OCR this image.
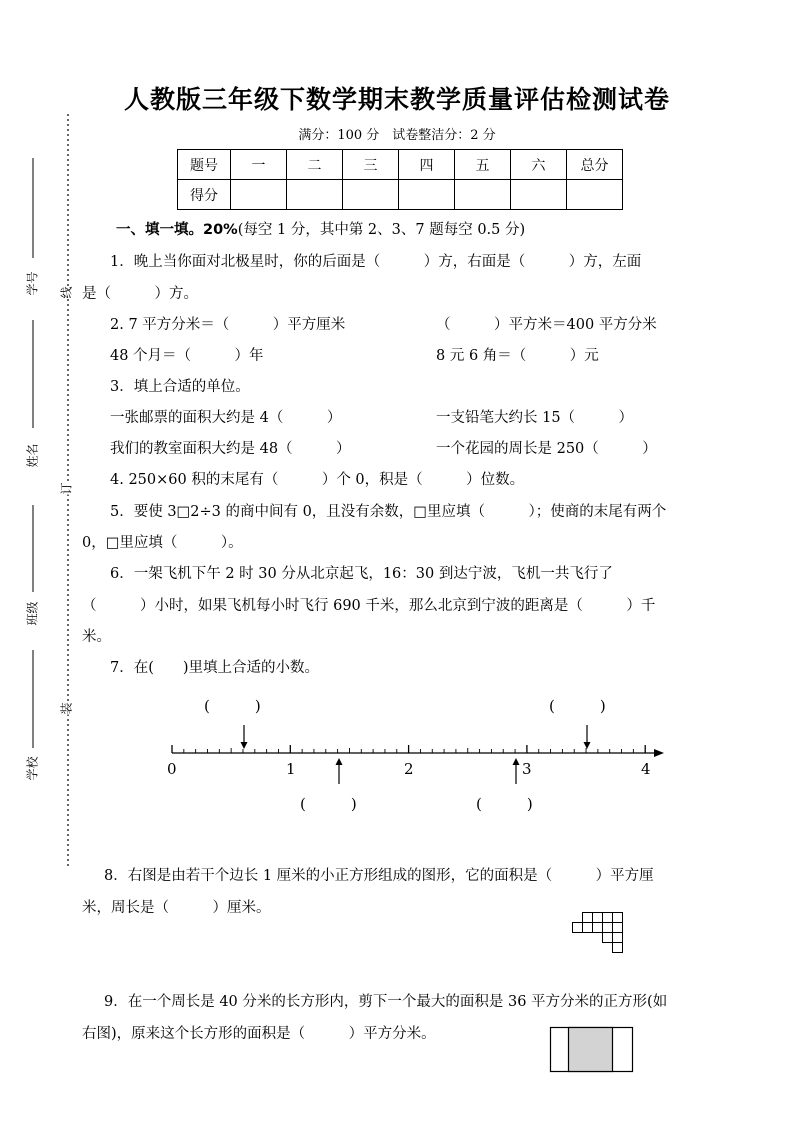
人教版三年级下数学期末教学质量评估检测试卷
满分：100 分　试卷整洁分：2 分
题号	一	二	三	四	五	六	总分
得分							
学号
姓名
班级
学校
线
订
装
一、填一填。20%(每空 1 分，其中第 2、3、7 题每空 0.5 分)
1．晚上当你面对北极星时，你的后面是（　　　）方，右面是（　　　）方，左面
是（　　　）方。
2. 7 平方分米＝（　　　）平方厘米	（　　　）平方米＝400 平方分米
48 个月＝（　　　）年	8 元 6 角＝（　　　）元
3．填上合适的单位。
一张邮票的面积大约是 4（　　　）	一支铅笔大约长 15（　　　）
我们的教室面积大约是 48（　　　）	一个花园的周长是 250（　　　）
4. 250×60 积的末尾有（　　　）个 0，积是（　　　）位数。
5．要使 3□2÷3 的商中间有 0，且没有余数，□里应填（　　　）；使商的末尾有两个
0，□里应填（　　　）。
6．一架飞机下午 2 时 30 分从北京起飞，16：30 到达宁波，飞机一共飞行了
（　　　）小时，如果飞机每小时飞行 690 千米，那么北京到宁波的距离是（　　　）千
米。
7．在(　　)里填上合适的小数。
(　　　)	(　　　)
(　　　)	(　　　)
0	1	2	3	4
8．右图是由若干个边长 1 厘米的小正方形组成的图形，它的面积是（　　　）平方厘
米，周长是（　　　）厘米。
9．在一个周长是 40 分米的长方形内，剪下一个最大的面积是 36 平方分米的正方形(如
右图)，原来这个长方形的面积是（　　　）平方分米。
